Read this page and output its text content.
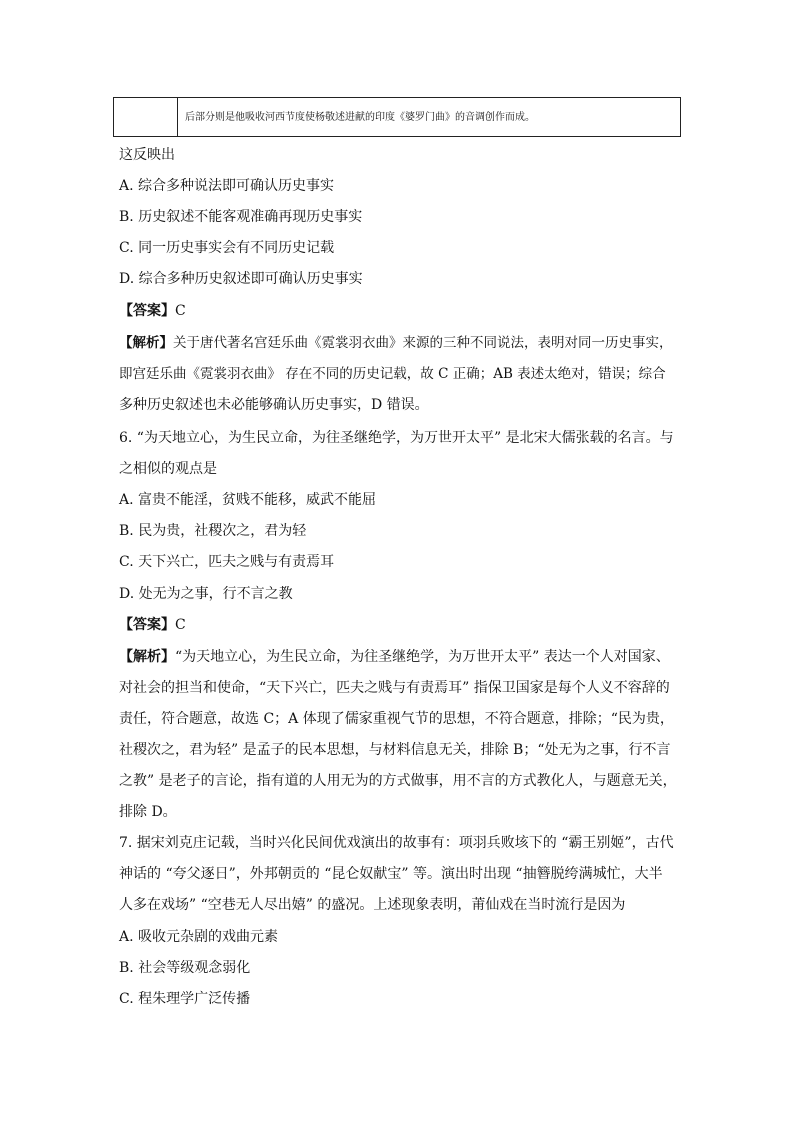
后部分则是他吸收河西节度使杨敬述进献的印度《婆罗门曲》的音调创作而成。
这反映出
A. 综合多种说法即可确认历史事实
B. 历史叙述不能客观准确再现历史事实
C. 同一历史事实会有不同历史记载
D. 综合多种历史叙述即可确认历史事实
【答案】C
【解析】关于唐代著名宫廷乐曲《霓裳羽衣曲》来源的三种不同说法，表明对同一历史事实，
即宫廷乐曲《霓裳羽衣曲》 存在不同的历史记载，故 C 正确；AB 表述太绝对，错误；综合
多种历史叙述也未必能够确认历史事实，D 错误。
6. “为天地立心，为生民立命，为往圣继绝学，为万世开太平” 是北宋大儒张载的名言。与
之相似的观点是
A. 富贵不能淫，贫贱不能移，威武不能屈
B. 民为贵，社稷次之，君为轻
C. 天下兴亡，匹夫之贱与有责焉耳
D. 处无为之事，行不言之教
【答案】C
【解析】“为天地立心，为生民立命，为往圣继绝学，为万世开太平” 表达一个人对国家、
对社会的担当和使命，“天下兴亡，匹夫之贱与有责焉耳” 指保卫国家是每个人义不容辞的
责任，符合题意，故选 C；A 体现了儒家重视气节的思想，不符合题意，排除；“民为贵，
社稷次之，君为轻” 是孟子的民本思想，与材料信息无关，排除 B；“处无为之事，行不言
之教” 是老子的言论，指有道的人用无为的方式做事，用不言的方式教化人，与题意无关，
排除 D。
7. 据宋刘克庄记载，当时兴化民间优戏演出的故事有：项羽兵败垓下的 “霸王别姬”，古代
神话的 “夸父逐日”，外邦朝贡的 “昆仑奴献宝” 等。演出时出现 “抽簪脱绔满城忙，大半
人多在戏场” “空巷无人尽出嬉” 的盛况。上述现象表明，莆仙戏在当时流行是因为
A. 吸收元杂剧的戏曲元素
B. 社会等级观念弱化
C. 程朱理学广泛传播
